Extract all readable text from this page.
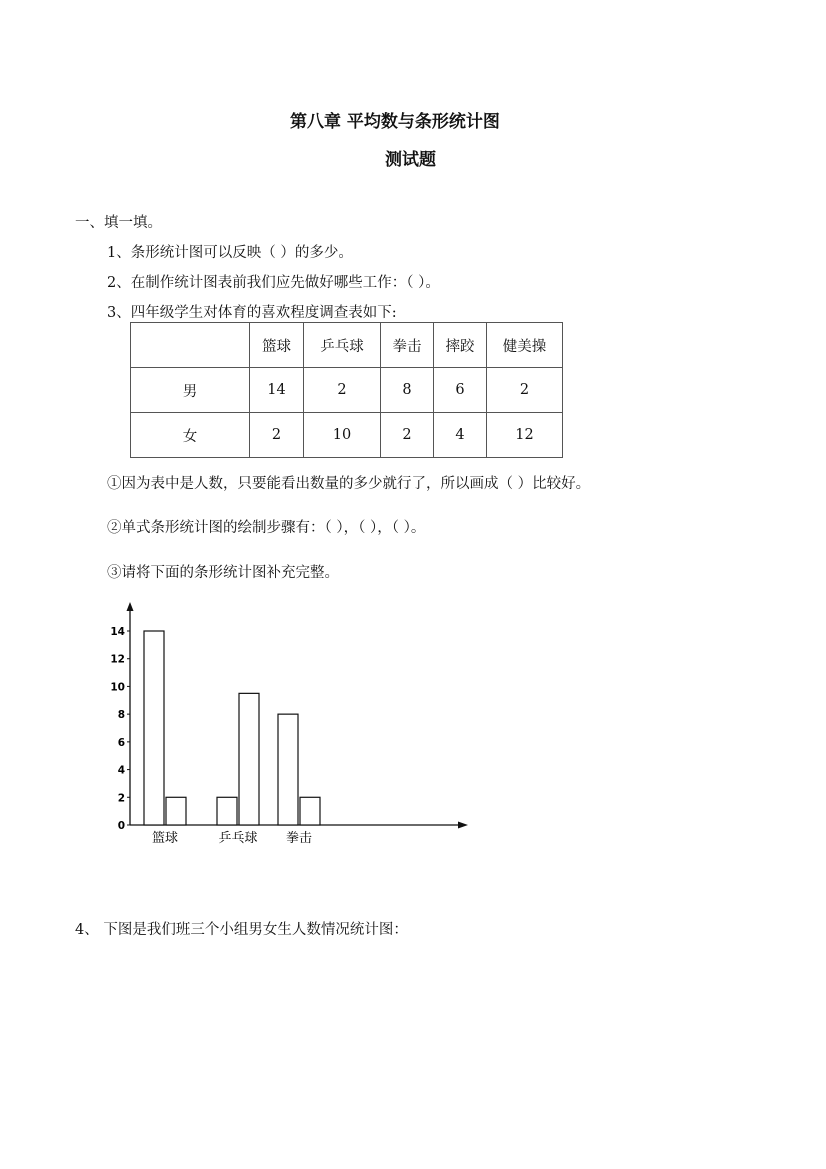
第八章 平均数与条形统计图
测试题
一、填一填。
1、条形统计图可以反映（ ）的多少。
2、在制作统计图表前我们应先做好哪些工作：（ ）。
3、四年级学生对体育的喜欢程度调查表如下:
	篮球	乒乓球	拳击	摔跤	健美操
男	14	2	8	6	2
女	2	10	2	4	12
①因为表中是人数，只要能看出数量的多少就行了，所以画成（ ）比较好。
②单式条形统计图的绘制步骤有：（ ），（ ），（ ）。
③请将下面的条形统计图补充完整。
0
2
4
6
8
10
12
14
篮球	乒乓球 拳击
4、 下图是我们班三个小组男女生人数情况统计图：
